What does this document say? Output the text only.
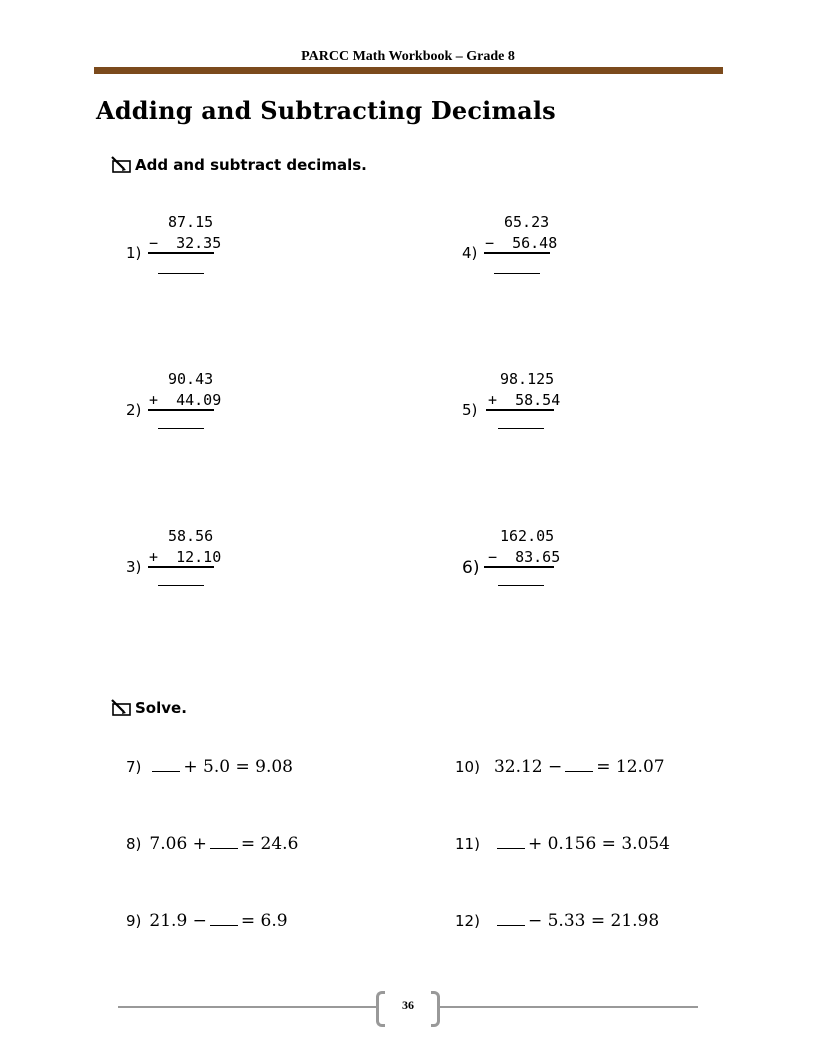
PARCC Math Workbook – Grade 8
Adding and Subtracting Decimals
Add and subtract decimals.
1)
87.15
−  32.35
4)
65.23
−  56.48
2)
90.43
+  44.09
5)
98.125
+  58.54
3)
58.56
+  12.10
6)
162.05
−  83.65
Solve.
7) + 5.0 = 9.08	10) 32.12 − = 12.07
8) 7.06 + = 24.6	11)	+ 0.156 = 3.054
9) 21.9 − = 6.9	12)	− 5.33 = 21.98
36
